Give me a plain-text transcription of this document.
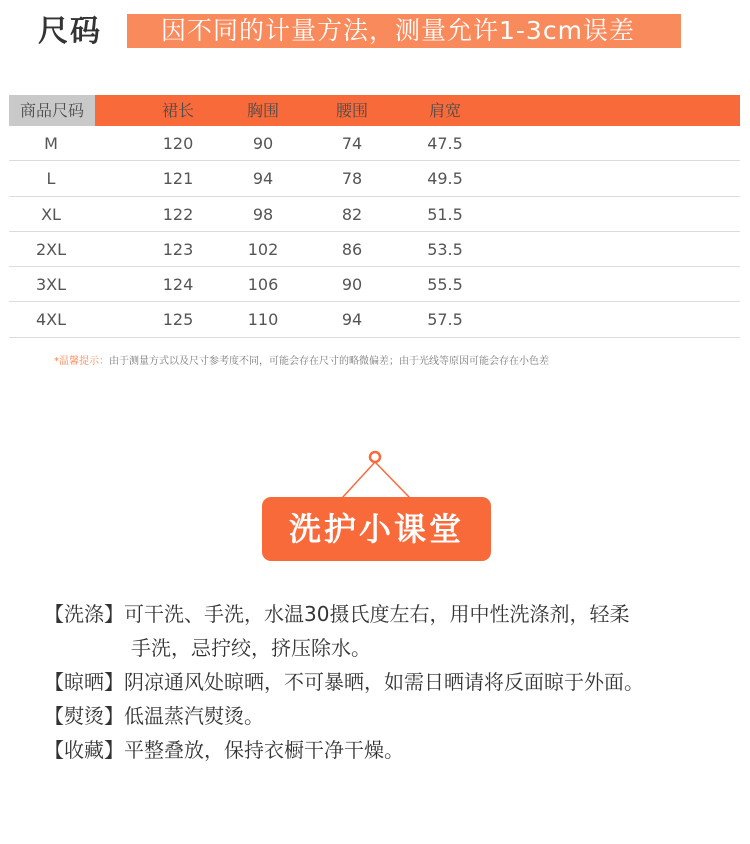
尺码	因不同的计量方法，测量允许1-3cm误差
商品尺码	裙长	胸围	腰围	肩宽
M	120	90	74	47.5
L	121	94	78	49.5
XL	122	98	82	51.5
2XL	123	102	86	53.5
3XL	124	106	90	55.5
4XL	125	110	94	57.5
*温馨提示：由于测量方式以及尺寸参考度不同，可能会存在尺寸的略微偏差；由于光线等原因可能会存在小色差
洗护小课堂
【洗涤】可干洗、手洗，水温30摄氏度左右，用中性洗涤剂，轻柔
手洗，忌拧绞，挤压除水。
【晾晒】阴凉通风处晾晒，不可暴晒，如需日晒请将反面晾于外面。
【熨烫】低温蒸汽熨烫。
【收藏】平整叠放，保持衣橱干净干燥。
